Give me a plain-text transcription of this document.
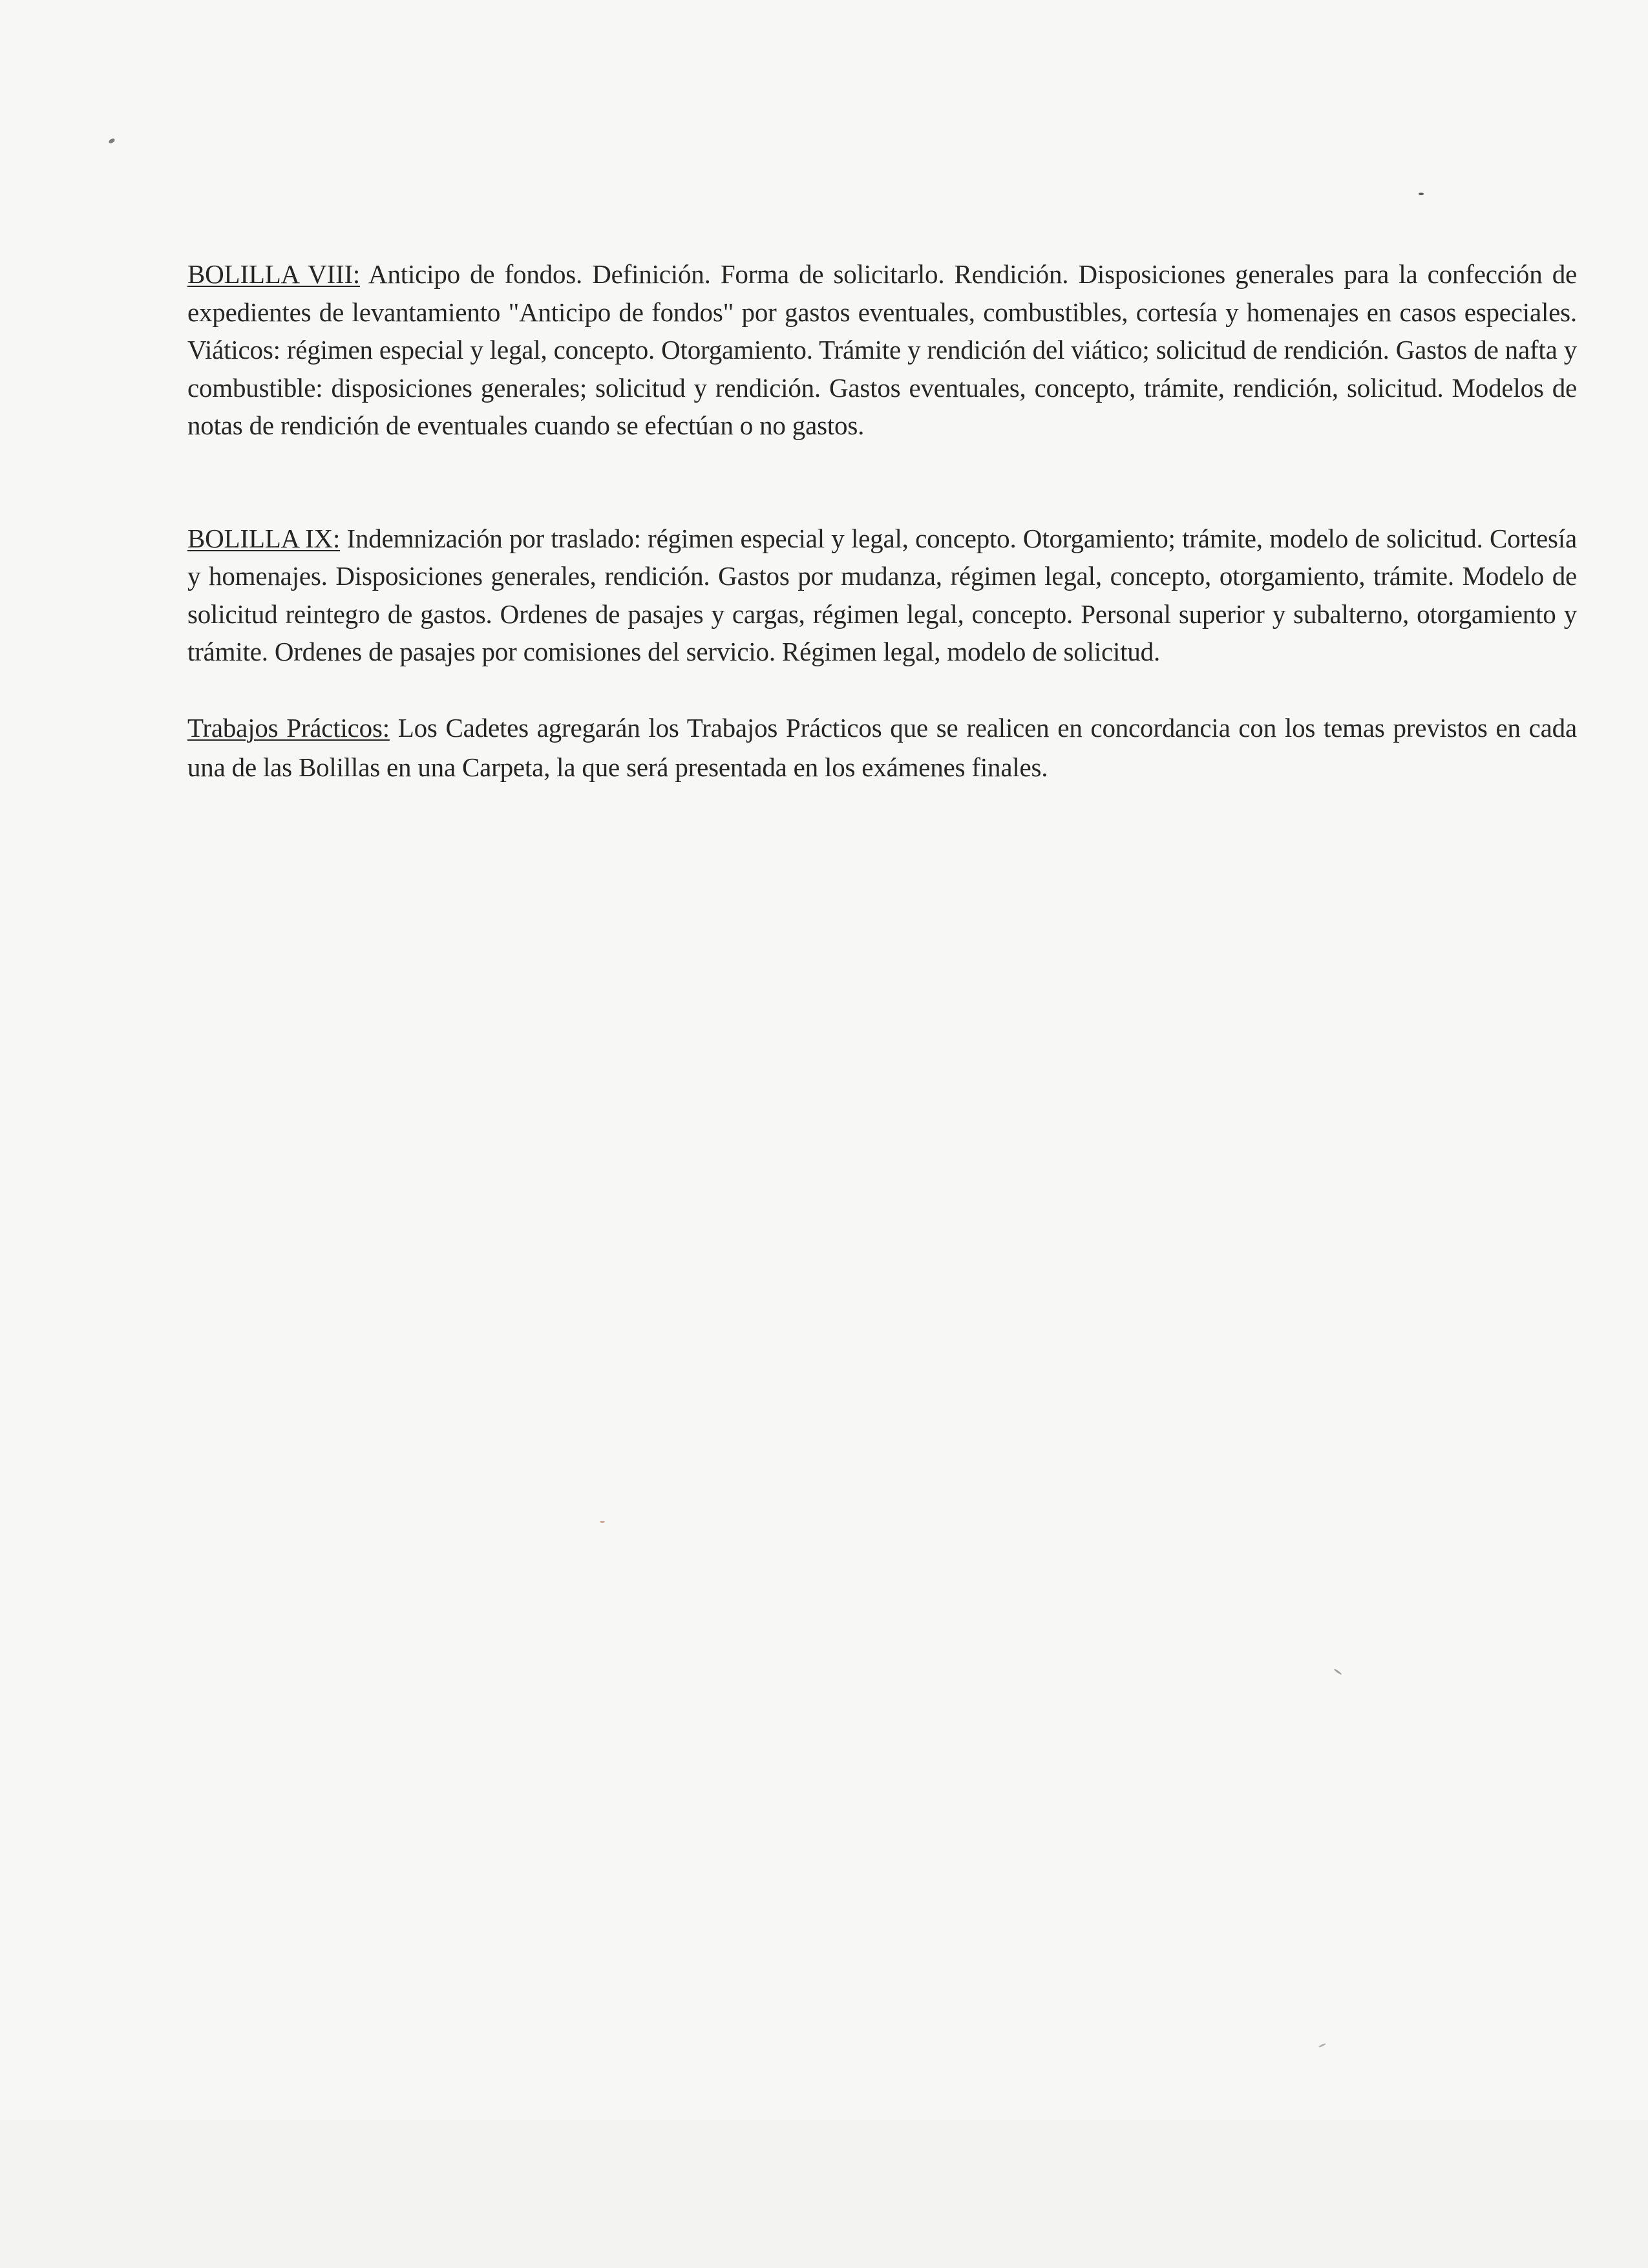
BOLILLA VIII: Anticipo de fondos. Definición. Forma de solicitarlo. Rendición. Disposiciones generales para la confección de expedientes de levantamiento "Anticipo de fondos" por gastos eventuales, combustibles, cortesía y homenajes en casos especiales. Viáticos: régimen especial y legal, concepto. Otorgamiento. Trámite y rendición del viático; solicitud de rendición. Gastos de nafta y combustible: disposiciones generales; solicitud y rendición. Gastos eventuales, concepto, trámite, rendición, solicitud. Modelos de notas de rendición de eventuales cuando se efectúan o no gastos.

BOLILLA IX: Indemnización por traslado: régimen especial y legal, concepto. Otorgamiento; trámite, modelo de solicitud. Cortesía y homenajes. Disposiciones generales, rendición. Gastos por mudanza, régimen legal, concepto, otorgamiento, trámite. Modelo de solicitud reintegro de gastos. Ordenes de pasajes y cargas, régimen legal, concepto. Personal superior y subalterno, otorgamiento y trámite. Ordenes de pasajes por comisiones del servicio. Régimen legal, modelo de solicitud.

Trabajos Prácticos: Los Cadetes agregarán los Trabajos Prácticos que se realicen en concordancia con los temas previstos en cada una de las Bolillas en una Carpeta, la que será presentada en los exámenes finales.
